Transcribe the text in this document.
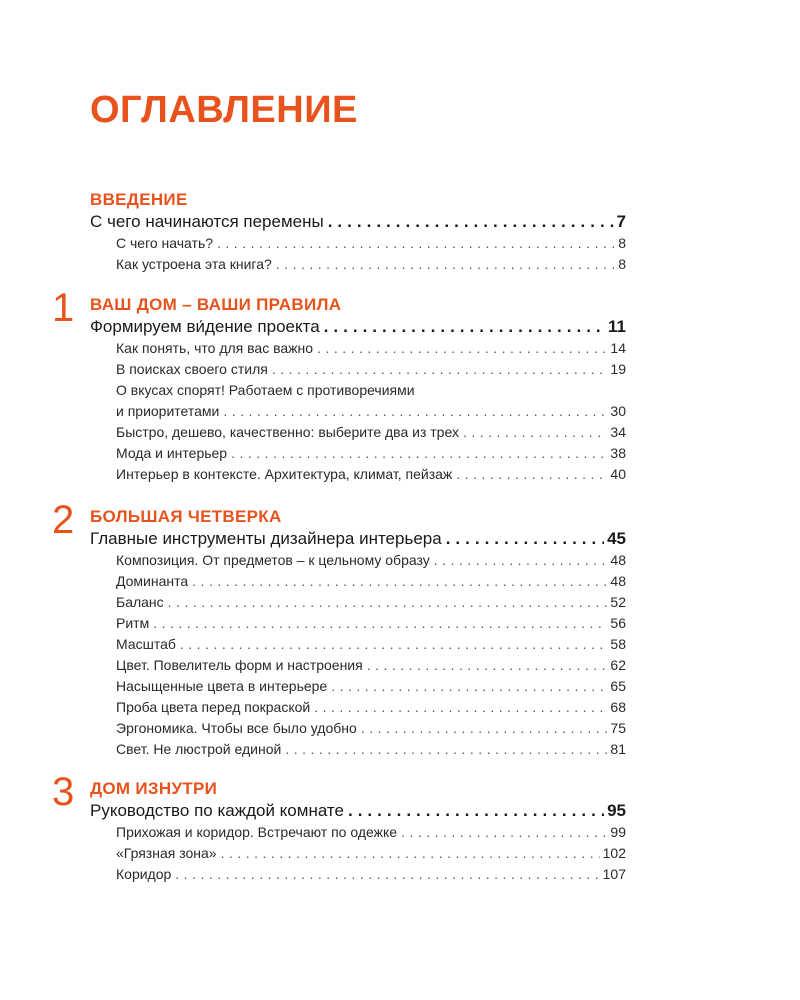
ОГЛАВЛЕНИЕ
ВВЕДЕНИЕ
С чего начинаются перемены .....	7
С чего начать? .....	8
Как устроена эта книга? .....	8
1 ВАШ ДОМ – ВАШИ ПРАВИЛА
Формируем ви́дение проекта .....	11
Как понять, что для вас важно .....	14
В поисках своего стиля .....	19
О вкусах спорят! Работаем с противоречиями
и приоритетами .....	30
Быстро, дешево, качественно: выберите два из трех .....	34
Мода и интерьер .....	38
Интерьер в контексте. Архитектура, климат, пейзаж .....	40
2 БОЛЬШАЯ ЧЕТВЕРКА
Главные инструменты дизайнера интерьера .....	45
Композиция. От предметов – к цельному образу .....	48
Доминанта .....	48
Баланс .....	52
Ритм .....	56
Масштаб .....	58
Цвет. Повелитель форм и настроения .....	62
Насыщенные цвета в интерьере .....	65
Проба цвета перед покраской .....	68
Эргономика. Чтобы все было удобно .....	75
Свет. Не люстрой единой .....	81
3 ДОМ ИЗНУТРИ
Руководство по каждой комнате .....	95
Прихожая и коридор. Встречают по одежке .....	99
«Грязная зона» .....	102
Коридор .....	107
